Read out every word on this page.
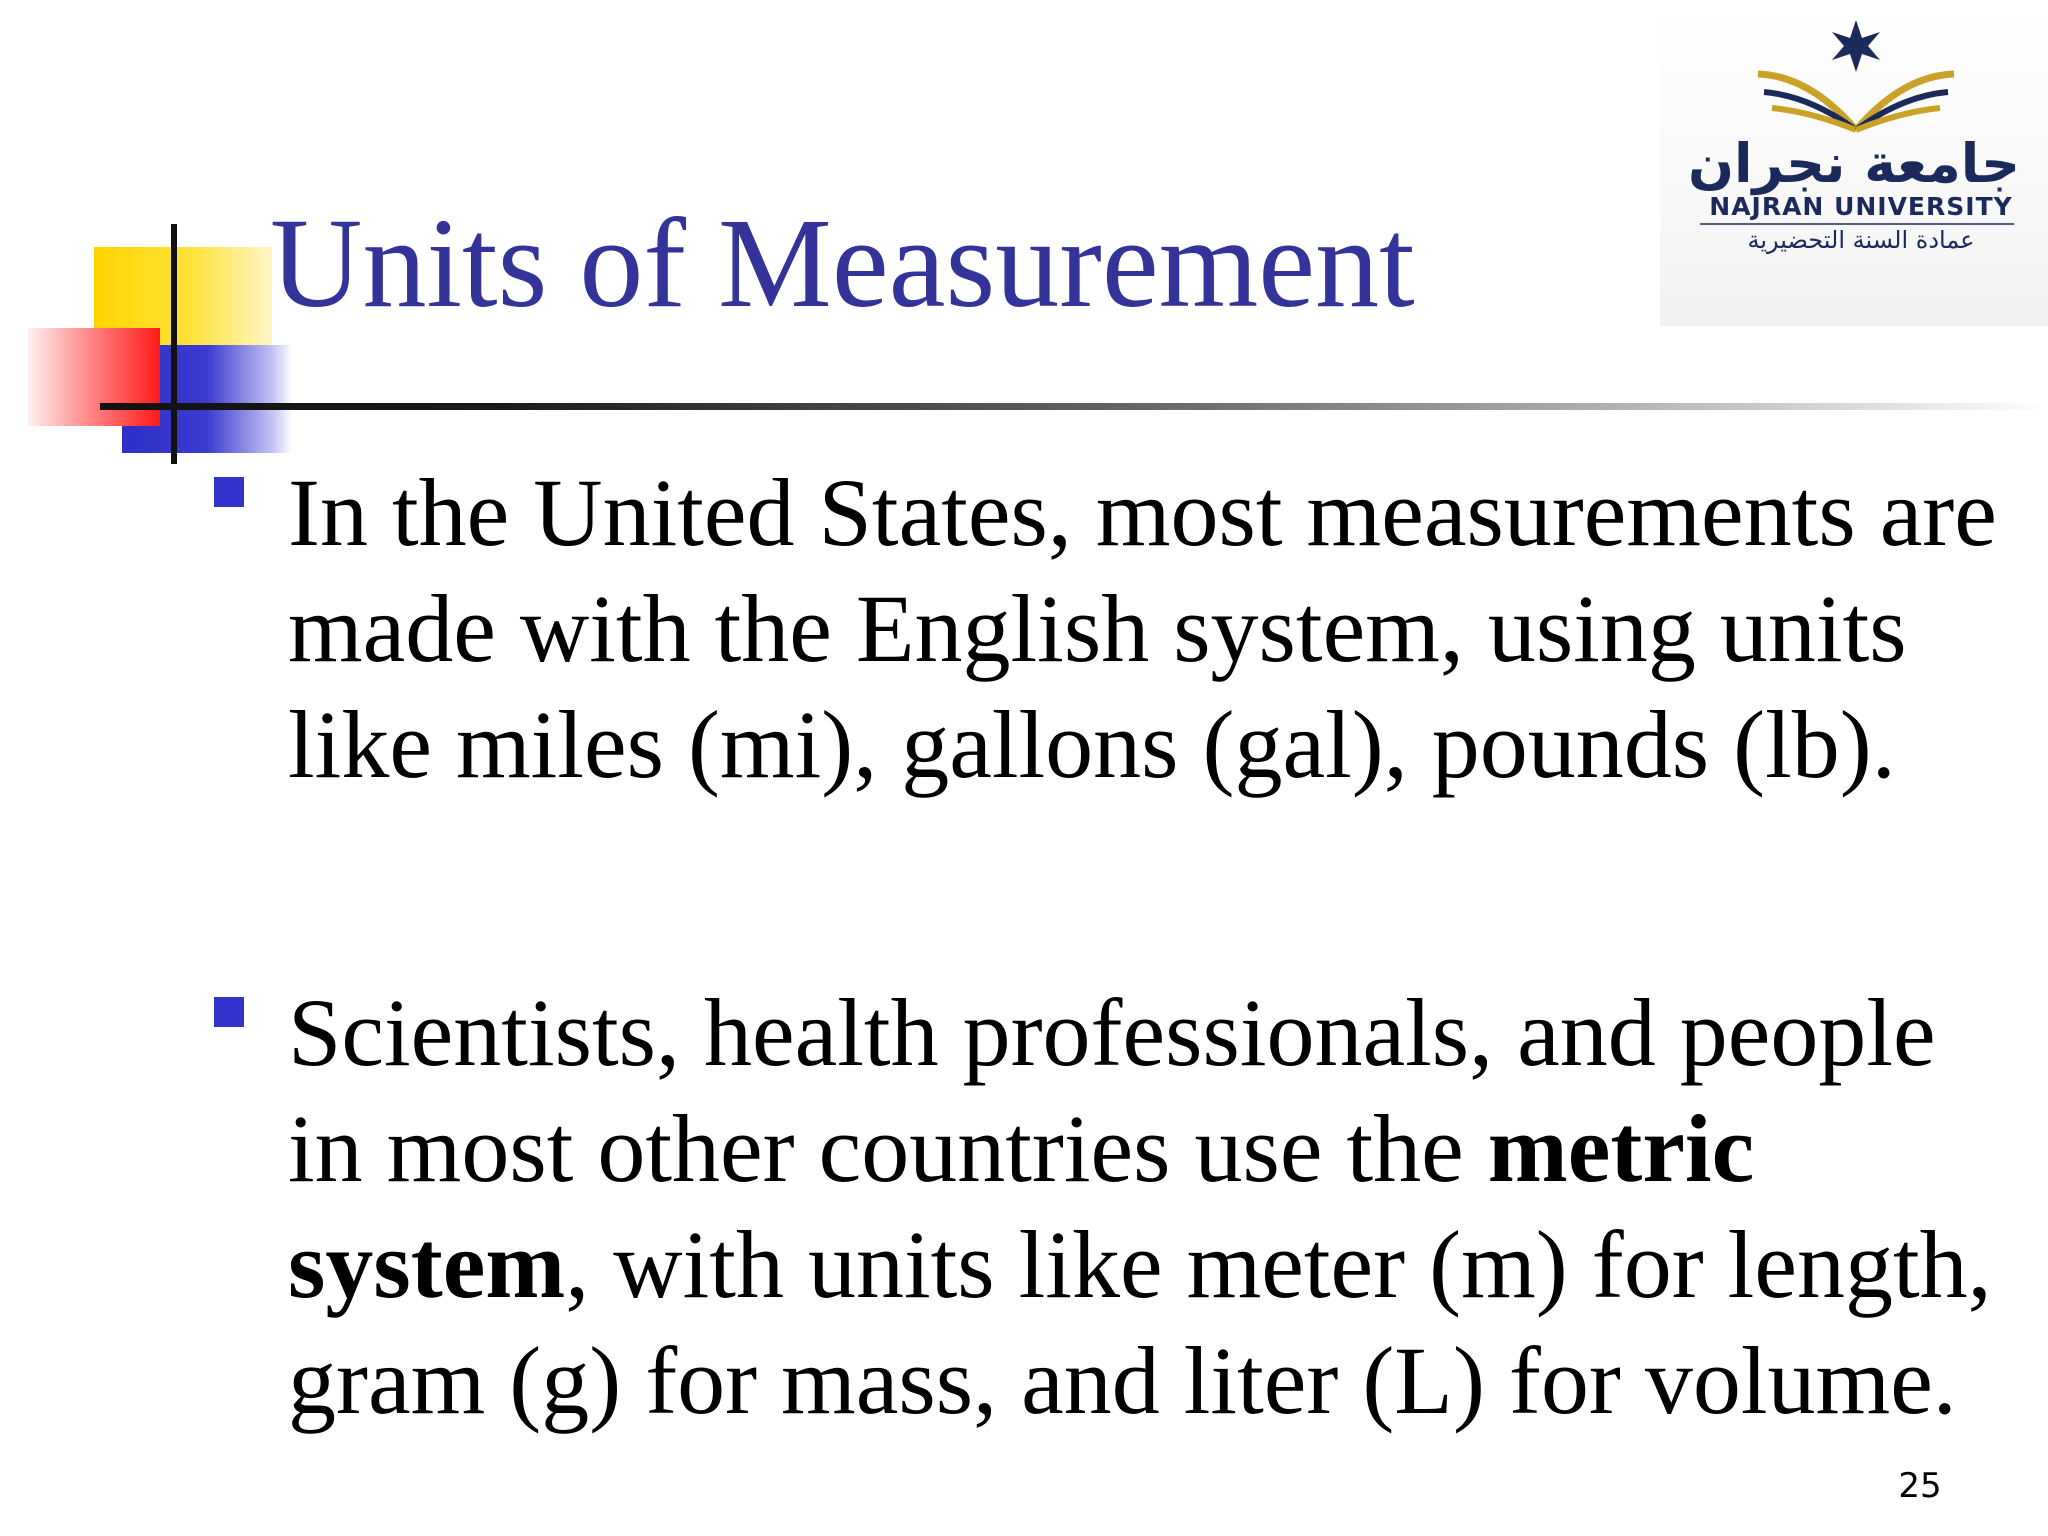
Units of Measurement
جامعة نجران
NAJRAN UNIVERSITY
عمادة السنة التحضيرية

In the United States, most measurements are made with the English system, using units like miles (mi), gallons (gal), pounds (lb).

Scientists, health professionals, and people in most other countries use the metric system, with units like meter (m) for length, gram (g) for mass, and liter (L) for volume.

25
